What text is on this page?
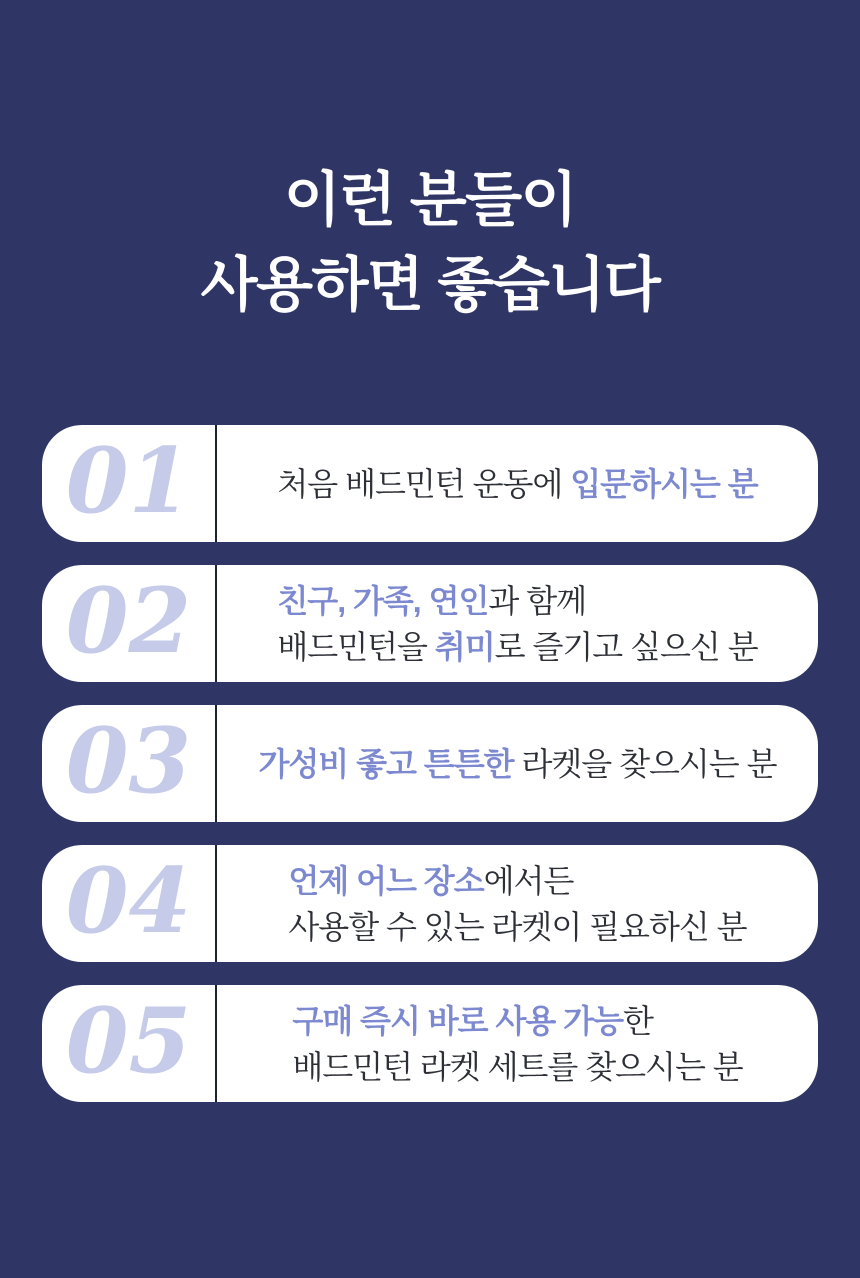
이런 분들이
사용하면 좋습니다
01	처음 배드민턴 운동에 입문하시는 분
02	친구, 가족, 연인과 함께
배드민턴을 취미로 즐기고 싶으신 분
03	가성비 좋고 튼튼한 라켓을 찾으시는 분
04	언제 어느 장소에서든
사용할 수 있는 라켓이 필요하신 분
05	구매 즉시 바로 사용 가능한
배드민턴 라켓 세트를 찾으시는 분
